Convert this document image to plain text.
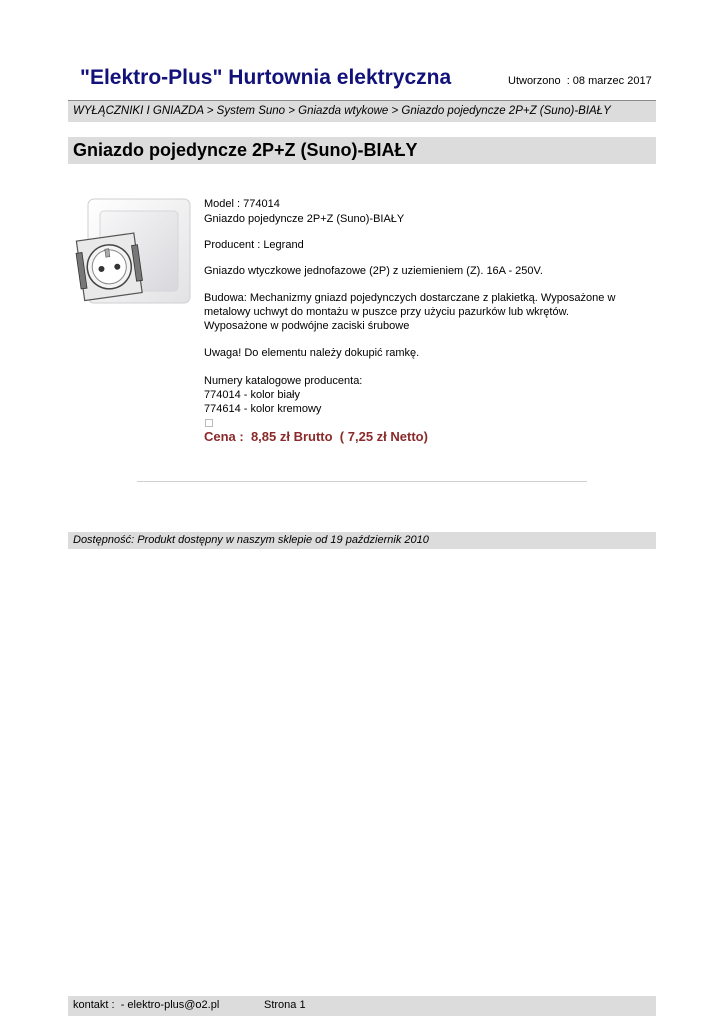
"Elektro-Plus" Hurtownia elektryczna	Utworzono  : 08 marzec 2017
WYŁĄCZNIKI I GNIAZDA > System Suno > Gniazda wtykowe > Gniazdo pojedyncze 2P+Z (Suno)-BIAŁY
Gniazdo pojedyncze 2P+Z (Suno)-BIAŁY
Model : 774014
Gniazdo pojedyncze 2P+Z (Suno)-BIAŁY
Producent : Legrand
Gniazdo wtyczkowe jednofazowe (2P) z uziemieniem (Z). 16A - 250V.
Budowa: Mechanizmy gniazd pojedynczych dostarczane z plakietką. Wyposażone w
metalowy uchwyt do montażu w puszce przy użyciu pazurków lub wkrętów.
Wyposażone w podwójne zaciski śrubowe
Uwaga! Do elementu należy dokupić ramkę.
Numery katalogowe producenta:
774014 - kolor biały
774614 - kolor kremowy
Cena :  8,85 zł Brutto  ( 7,25 zł Netto)
Dostępność: Produkt dostępny w naszym sklepie od 19 październik 2010
kontakt :  - elektro-plus@o2.pl	Strona 1
